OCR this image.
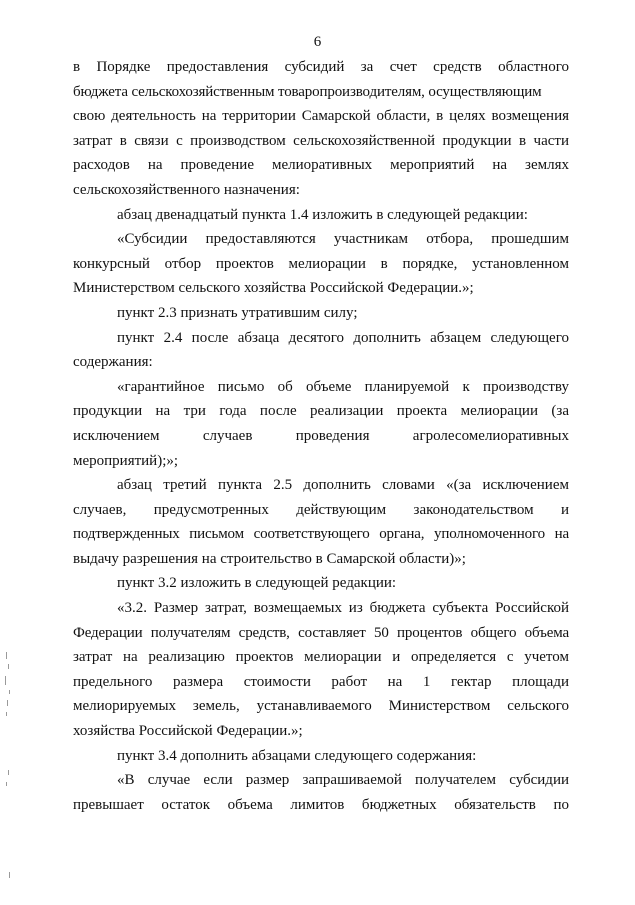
6
в Порядке предоставления субсидий за счет средств областного
бюджета сельскохозяйственным товаропроизводителям, осуществляющим
свою деятельность на территории Самарской области, в целях возмещения
затрат в связи с производством сельскохозяйственной продукции в части
расходов на проведение мелиоративных мероприятий на землях
сельскохозяйственного назначения:
абзац двенадцатый пункта 1.4 изложить в следующей редакции:
«Субсидии предоставляются участникам отбора, прошедшим
конкурсный отбор проектов мелиорации в порядке, установленном
Министерством сельского хозяйства Российской Федерации.»;
пункт 2.3 признать утратившим силу;
пункт 2.4 после абзаца десятого дополнить абзацем следующего
содержания:
«гарантийное письмо об объеме планируемой к производству
продукции на три года после реализации проекта мелиорации (за
исключением случаев проведения агролесомелиоративных
мероприятий);»;
абзац третий пункта 2.5 дополнить словами «(за исключением
случаев, предусмотренных действующим законодательством и
подтвержденных письмом соответствующего органа, уполномоченного на
выдачу разрешения на строительство в Самарской области)»;
пункт 3.2 изложить в следующей редакции:
«3.2. Размер затрат, возмещаемых из бюджета субъекта Российской
Федерации получателям средств, составляет 50 процентов общего объема
затрат на реализацию проектов мелиорации и определяется с учетом
предельного размера стоимости работ на 1 гектар площади
мелиорируемых земель, устанавливаемого Министерством сельского
хозяйства Российской Федерации.»;
пункт 3.4 дополнить абзацами следующего содержания:
«В случае если размер запрашиваемой получателем субсидии
превышает остаток объема лимитов бюджетных обязательств по
